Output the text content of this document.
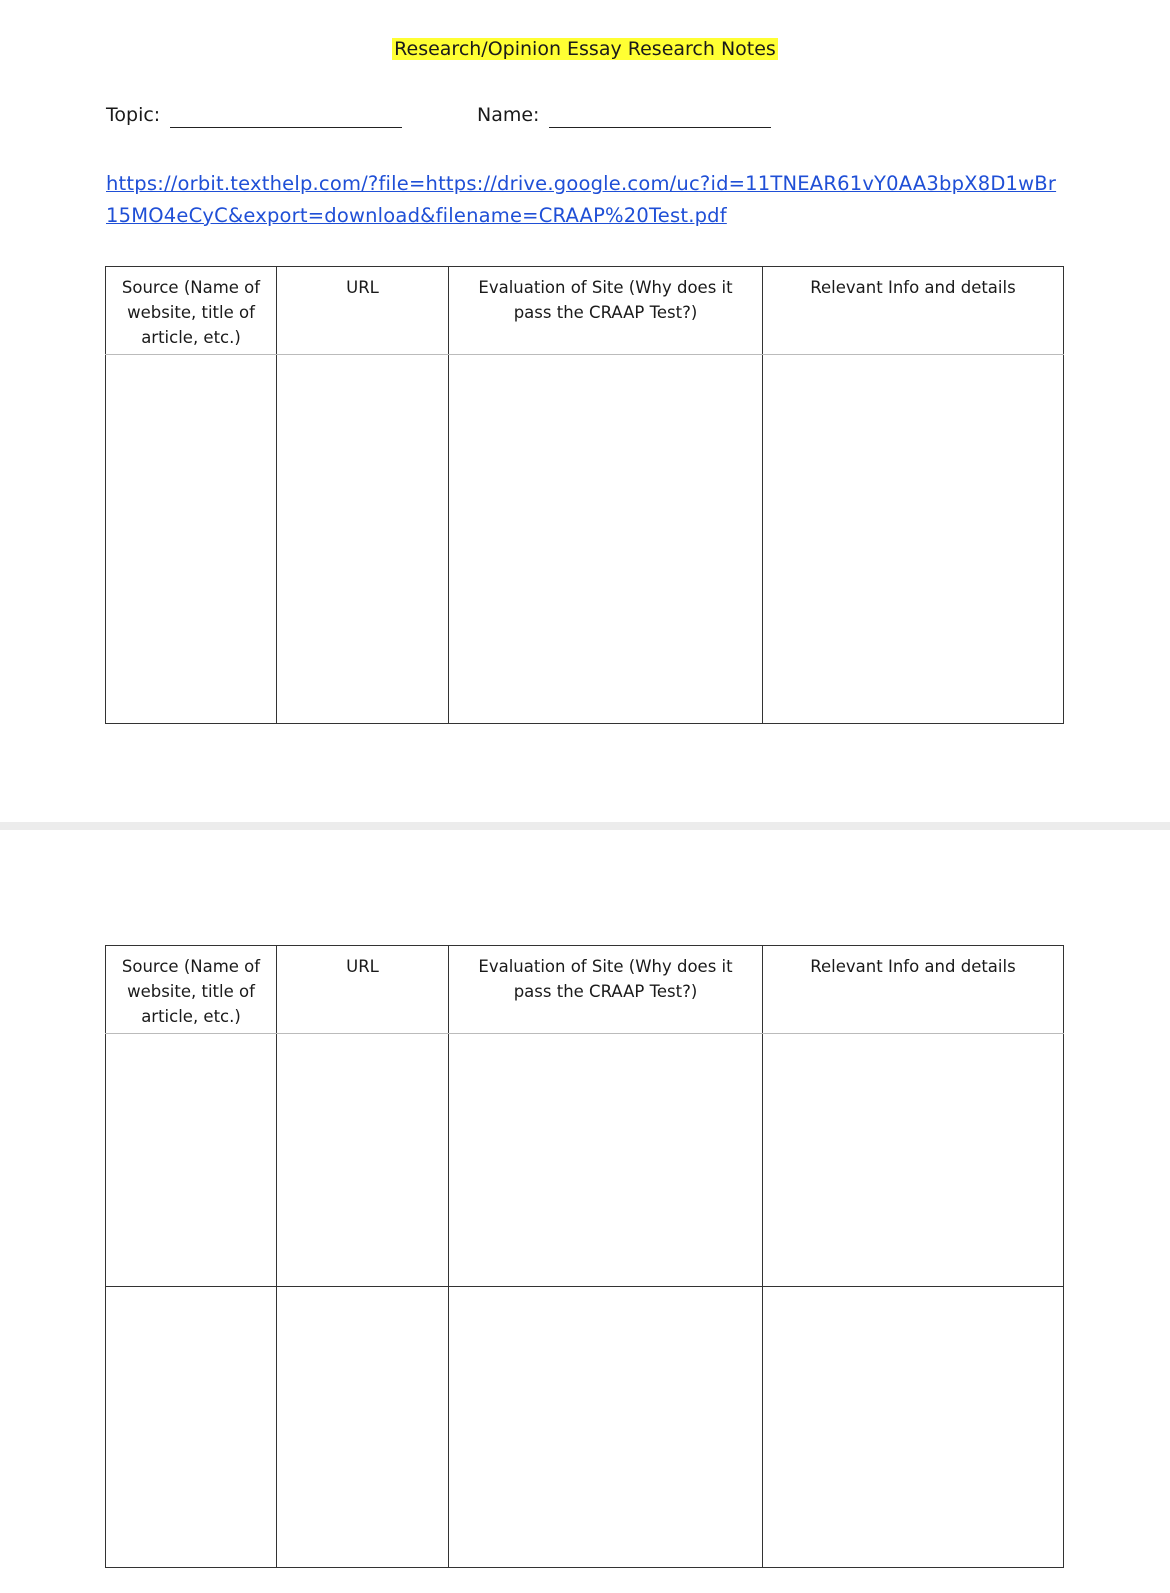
Research/Opinion Essay Research Notes
Topic:	Name:
https://orbit.texthelp.com/?file=https://drive.google.com/uc?id=11TNEAR61vY0AA3bpX8D1wBr15MO4eCyC&export=download&filename=CRAAP%20Test.pdf
Source (Name of website, title of article, etc.)	URL	Evaluation of Site (Why does it pass the CRAAP Test?)	Relevant Info and details

Source (Name of website, title of article, etc.)	URL	Evaluation of Site (Why does it pass the CRAAP Test?)	Relevant Info and details
